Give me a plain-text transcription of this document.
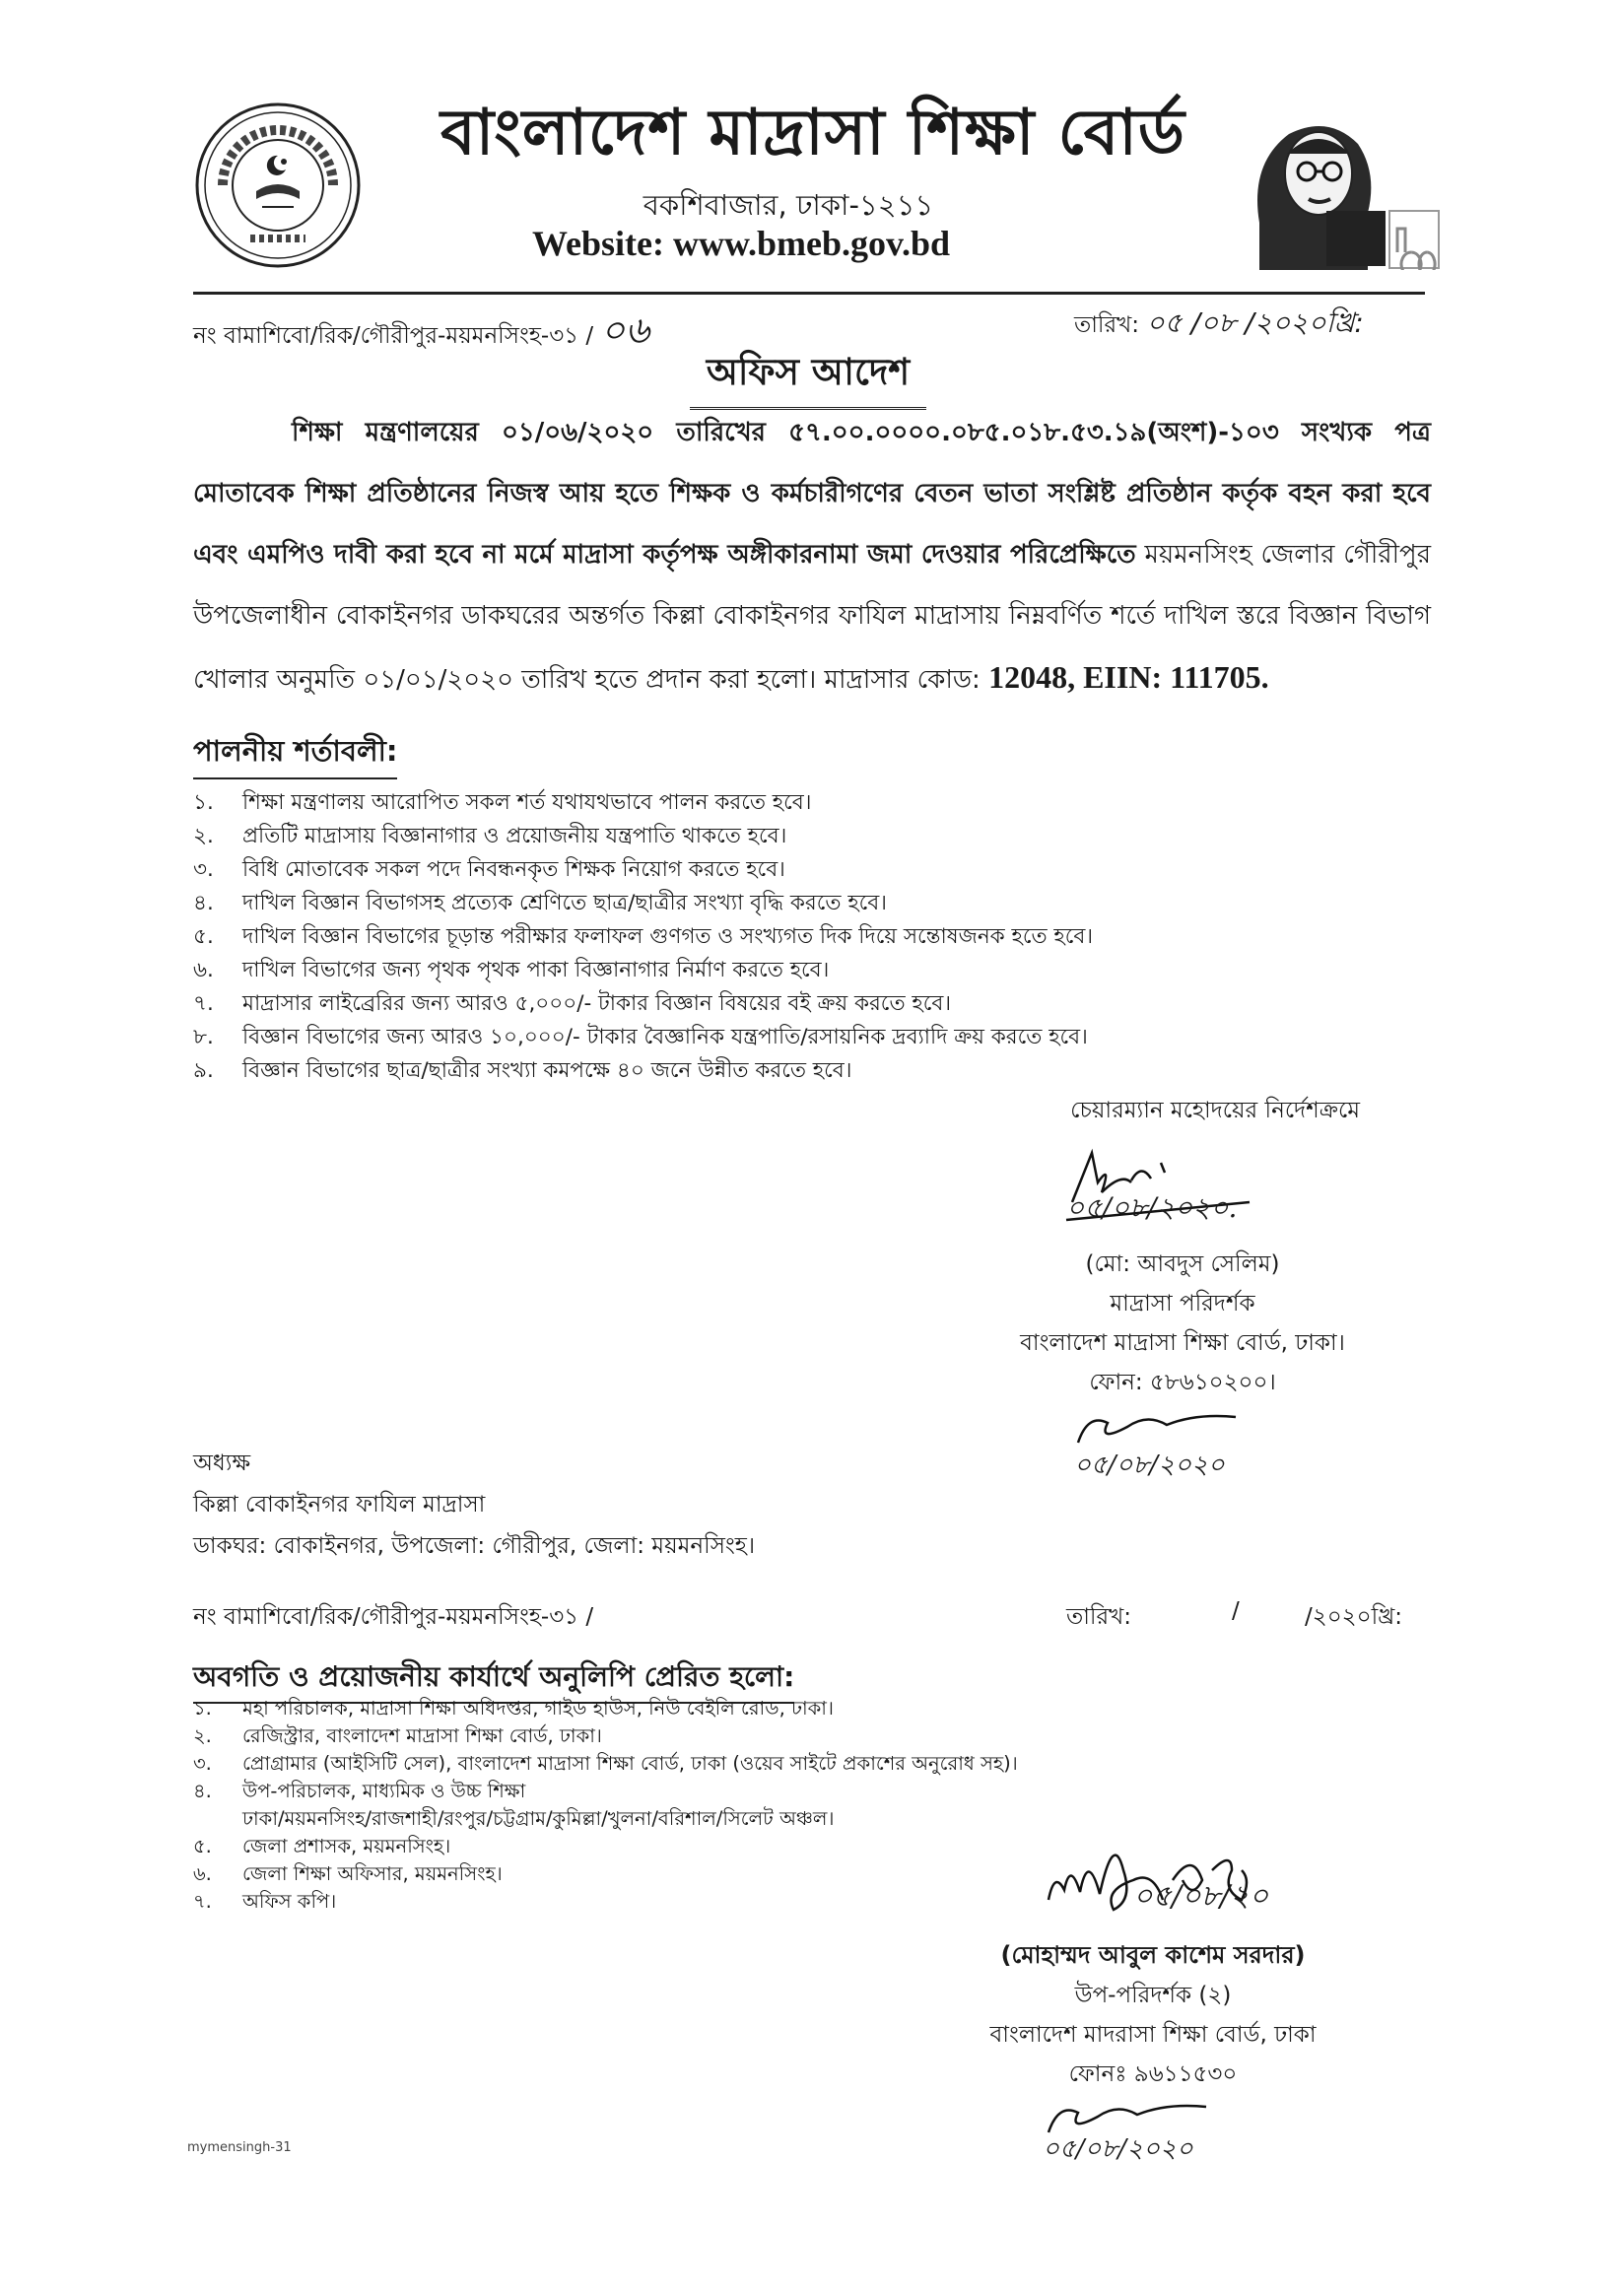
বাংলাদেশ মাদ্রাসা শিক্ষা বোর্ড
বকশিবাজার, ঢাকা-১২১১
Website: www.bmeb.gov.bd
নং বামাশিবো/রিক/গৌরীপুর-ময়মনসিংহ-৩১ / ০৬	তারিখ: ০৫ /০৮ /২০২০খ্রি:
অফিস আদেশ
শিক্ষা মন্ত্রণালয়ের ০১/০৬/২০২০ তারিখের ৫৭.০০.০০০০.০৮৫.০১৮.৫৩.১৯(অংশ)-১০৩ সংখ্যক পত্র মোতাবেক শিক্ষা প্রতিষ্ঠানের নিজস্ব আয় হতে শিক্ষক ও কর্মচারীগণের বেতন ভাতা সংশ্লিষ্ট প্রতিষ্ঠান কর্তৃক বহন করা হবে এবং এমপিও দাবী করা হবে না মর্মে মাদ্রাসা কর্তৃপক্ষ অঙ্গীকারনামা জমা দেওয়ার পরিপ্রেক্ষিতে ময়মনসিংহ জেলার গৌরীপুর উপজেলাধীন বোকাইনগর ডাকঘরের অন্তর্গত কিল্লা বোকাইনগর ফাযিল মাদ্রাসায় নিম্নবর্ণিত শর্তে দাখিল স্তরে বিজ্ঞান বিভাগ খোলার অনুমতি ০১/০১/২০২০ তারিখ হতে প্রদান করা হলো। মাদ্রাসার কোড: 12048, EIIN: 111705.
পালনীয় শর্তাবলী:
১.	শিক্ষা মন্ত্রণালয় আরোপিত সকল শর্ত যথাযথভাবে পালন করতে হবে।
২.	প্রতিটি মাদ্রাসায় বিজ্ঞানাগার ও প্রয়োজনীয় যন্ত্রপাতি থাকতে হবে।
৩.	বিধি মোতাবেক সকল পদে নিবন্ধনকৃত শিক্ষক নিয়োগ করতে হবে।
৪.	দাখিল বিজ্ঞান বিভাগসহ প্রত্যেক শ্রেণিতে ছাত্র/ছাত্রীর সংখ্যা বৃদ্ধি করতে হবে।
৫.	দাখিল বিজ্ঞান বিভাগের চূড়ান্ত পরীক্ষার ফলাফল গুণগত ও সংখ্যগত দিক দিয়ে সন্তোষজনক হতে হবে।
৬.	দাখিল বিভাগের জন্য পৃথক পৃথক পাকা বিজ্ঞানাগার নির্মাণ করতে হবে।
৭.	মাদ্রাসার লাইব্রেরির জন্য আরও ৫,০০০/- টাকার বিজ্ঞান বিষয়ের বই ক্রয় করতে হবে।
৮.	বিজ্ঞান বিভাগের জন্য আরও ১০,০০০/- টাকার বৈজ্ঞানিক যন্ত্রপাতি/রসায়নিক দ্রব্যাদি ক্রয় করতে হবে।
৯.	বিজ্ঞান বিভাগের ছাত্র/ছাত্রীর সংখ্যা কমপক্ষে ৪০ জনে উন্নীত করতে হবে।
চেয়ারম্যান মহোদয়ের নির্দেশক্রমে
০৫/০৮/২০২০.
(মো: আবদুস সেলিম)
মাদ্রাসা পরিদর্শক
বাংলাদেশ মাদ্রাসা শিক্ষা বোর্ড, ঢাকা।
ফোন: ৫৮৬১০২০০।
০৫/০৮/২০২০
অধ্যক্ষ
কিল্লা বোকাইনগর ফাযিল মাদ্রাসা
ডাকঘর: বোকাইনগর, উপজেলা: গৌরীপুর, জেলা: ময়মনসিংহ।
নং বামাশিবো/রিক/গৌরীপুর-ময়মনসিংহ-৩১ /	তারিখ:	/	/২০২০খ্রি:
অবগতি ও প্রয়োজনীয় কার্যার্থে অনুলিপি প্রেরিত হলো:
১.	মহা পরিচালক, মাদ্রাসা শিক্ষা অধিদপ্তর, গাইড হাউস, নিউ বেইলি রোড, ঢাকা।
২.	রেজিস্ট্রার, বাংলাদেশ মাদ্রাসা শিক্ষা বোর্ড, ঢাকা।
৩.	প্রোগ্রামার (আইসিটি সেল), বাংলাদেশ মাদ্রাসা শিক্ষা বোর্ড, ঢাকা (ওয়েব সাইটে প্রকাশের অনুরোধ সহ)।
৪.	উপ-পরিচালক, মাধ্যমিক ও উচ্চ শিক্ষা
ঢাকা/ময়মনসিংহ/রাজশাহী/রংপুর/চট্টগ্রাম/কুমিল্লা/খুলনা/বরিশাল/সিলেট অঞ্চল।
৫.	জেলা প্রশাসক, ময়মনসিংহ।
৬.	জেলা শিক্ষা অফিসার, ময়মনসিংহ।
৭.	অফিস কপি।	০৫/০৮/২০
(মোহাম্মদ আবুল কাশেম সরদার)
উপ-পরিদর্শক (২)
বাংলাদেশ মাদরাসা শিক্ষা বোর্ড, ঢাকা
ফোনঃ ৯৬১১৫৩০
০৫/০৮/২০২০
mymensingh-31
